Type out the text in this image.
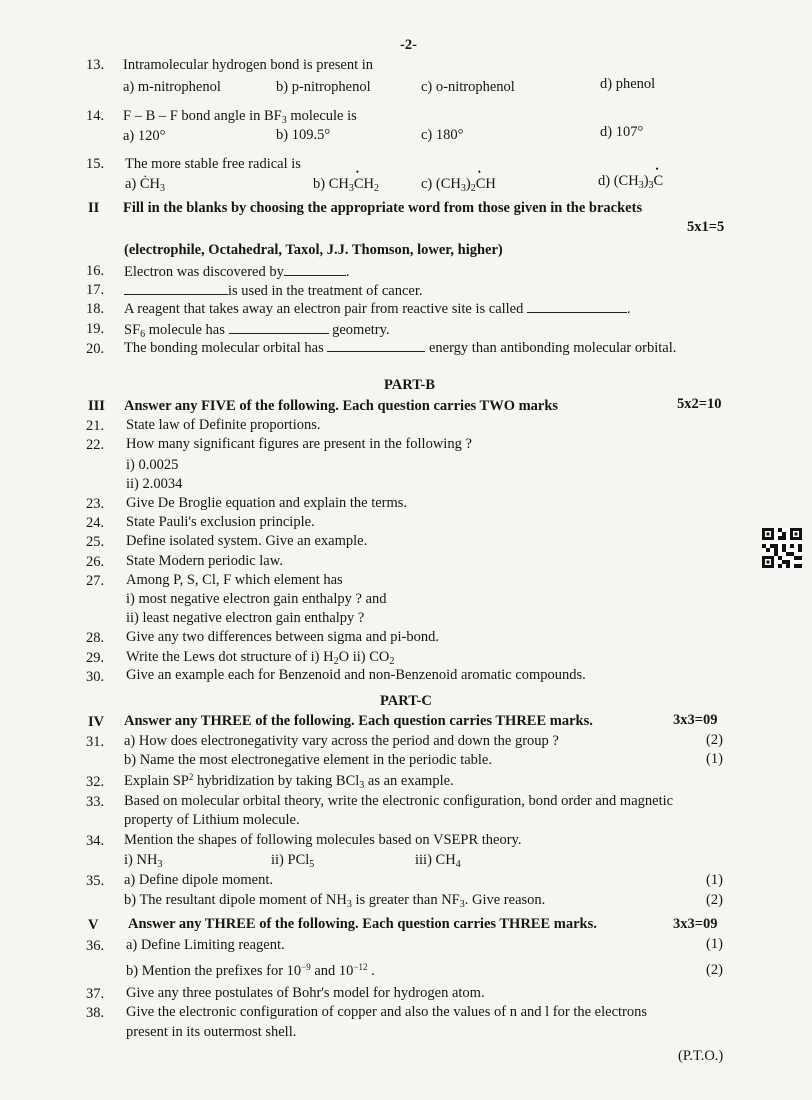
-2-
13. Intramolecular hydrogen bond is present in
a) m-nitrophenol	b) p-nitrophenol	c) o-nitrophenol	d) phenol
14. F – B – F bond angle in $BF_3$ molecule is
a) 120°	b) 109.5°	c) 180°	d) 107°
15. The more stable free radical is
a) $ĊH_3$	b) $CH_3•$ $CH_2$	c) $(CH_3)_2•$ CH	d) $(CH_3)_3•$ C
II Fill in the blanks by choosing the appropriate word from those given in the brackets
5x1=5
(electrophile, Octahedral, Taxol, J.J. Thomson, lower, higher)
16. Electron was discovered by	.
17.	is used in the treatment of cancer.
18. A reagent that takes away an electron pair from reactive site is called	.
19. $SF_6$ molecule has	geometry.
20. The bonding molecular orbital has	energy than antibonding molecular orbital.
PART-B
III Answer any FIVE of the following. Each question carries TWO marks	5x2=10
21. State law of Definite proportions.
22. How many significant figures are present in the following ?
i) 0.0025
ii) 2.0034
23. Give De Broglie equation and explain the terms.
24. State Pauli's exclusion principle.
25. Define isolated system. Give an example.
26. State Modern periodic law.
27. Among P, S, Cl, F which element has
i) most negative electron gain enthalpy ? and
ii) least negative electron gain enthalpy ?
28. Give any two differences between sigma and pi-bond.
29. Write the Lews dot structure of i) $H_2O$ ii) $CO_2$
30. Give an example each for Benzenoid and non-Benzenoid aromatic compounds.
PART-C
IV Answer any THREE of the following. Each question carries THREE marks.	3x3=09
31. a) How does electronegativity vary across the period and down the group ?	(2)
b) Name the most electronegative element in the periodic table.	(1)
32. Explain $SP^2$ hybridization by taking BCl$_3$ as an example.
33. Based on molecular orbital theory, write the electronic configuration, bond order and magnetic
property of Lithium molecule.
34. Mention the shapes of following molecules based on VSEPR theory.
i) $NH_3$	ii) PCl$_5$	iii) $CH_4$
35. a) Define dipole moment.	(1)
b) The resultant dipole moment of $NH_3$ is greater than $NF_3$. Give reason.	(2)
V Answer any THREE of the following. Each question carries THREE marks.	3x3=09
36. a) Define Limiting reagent.	(1)
b) Mention the prefixes for $10^{-9}$ and $10^{-12}$ .	(2)
37. Give any three postulates of Bohr's model for hydrogen atom.
38. Give the electronic configuration of copper and also the values of n and l for the electrons
present in its outermost shell.
(P.T.O.)
